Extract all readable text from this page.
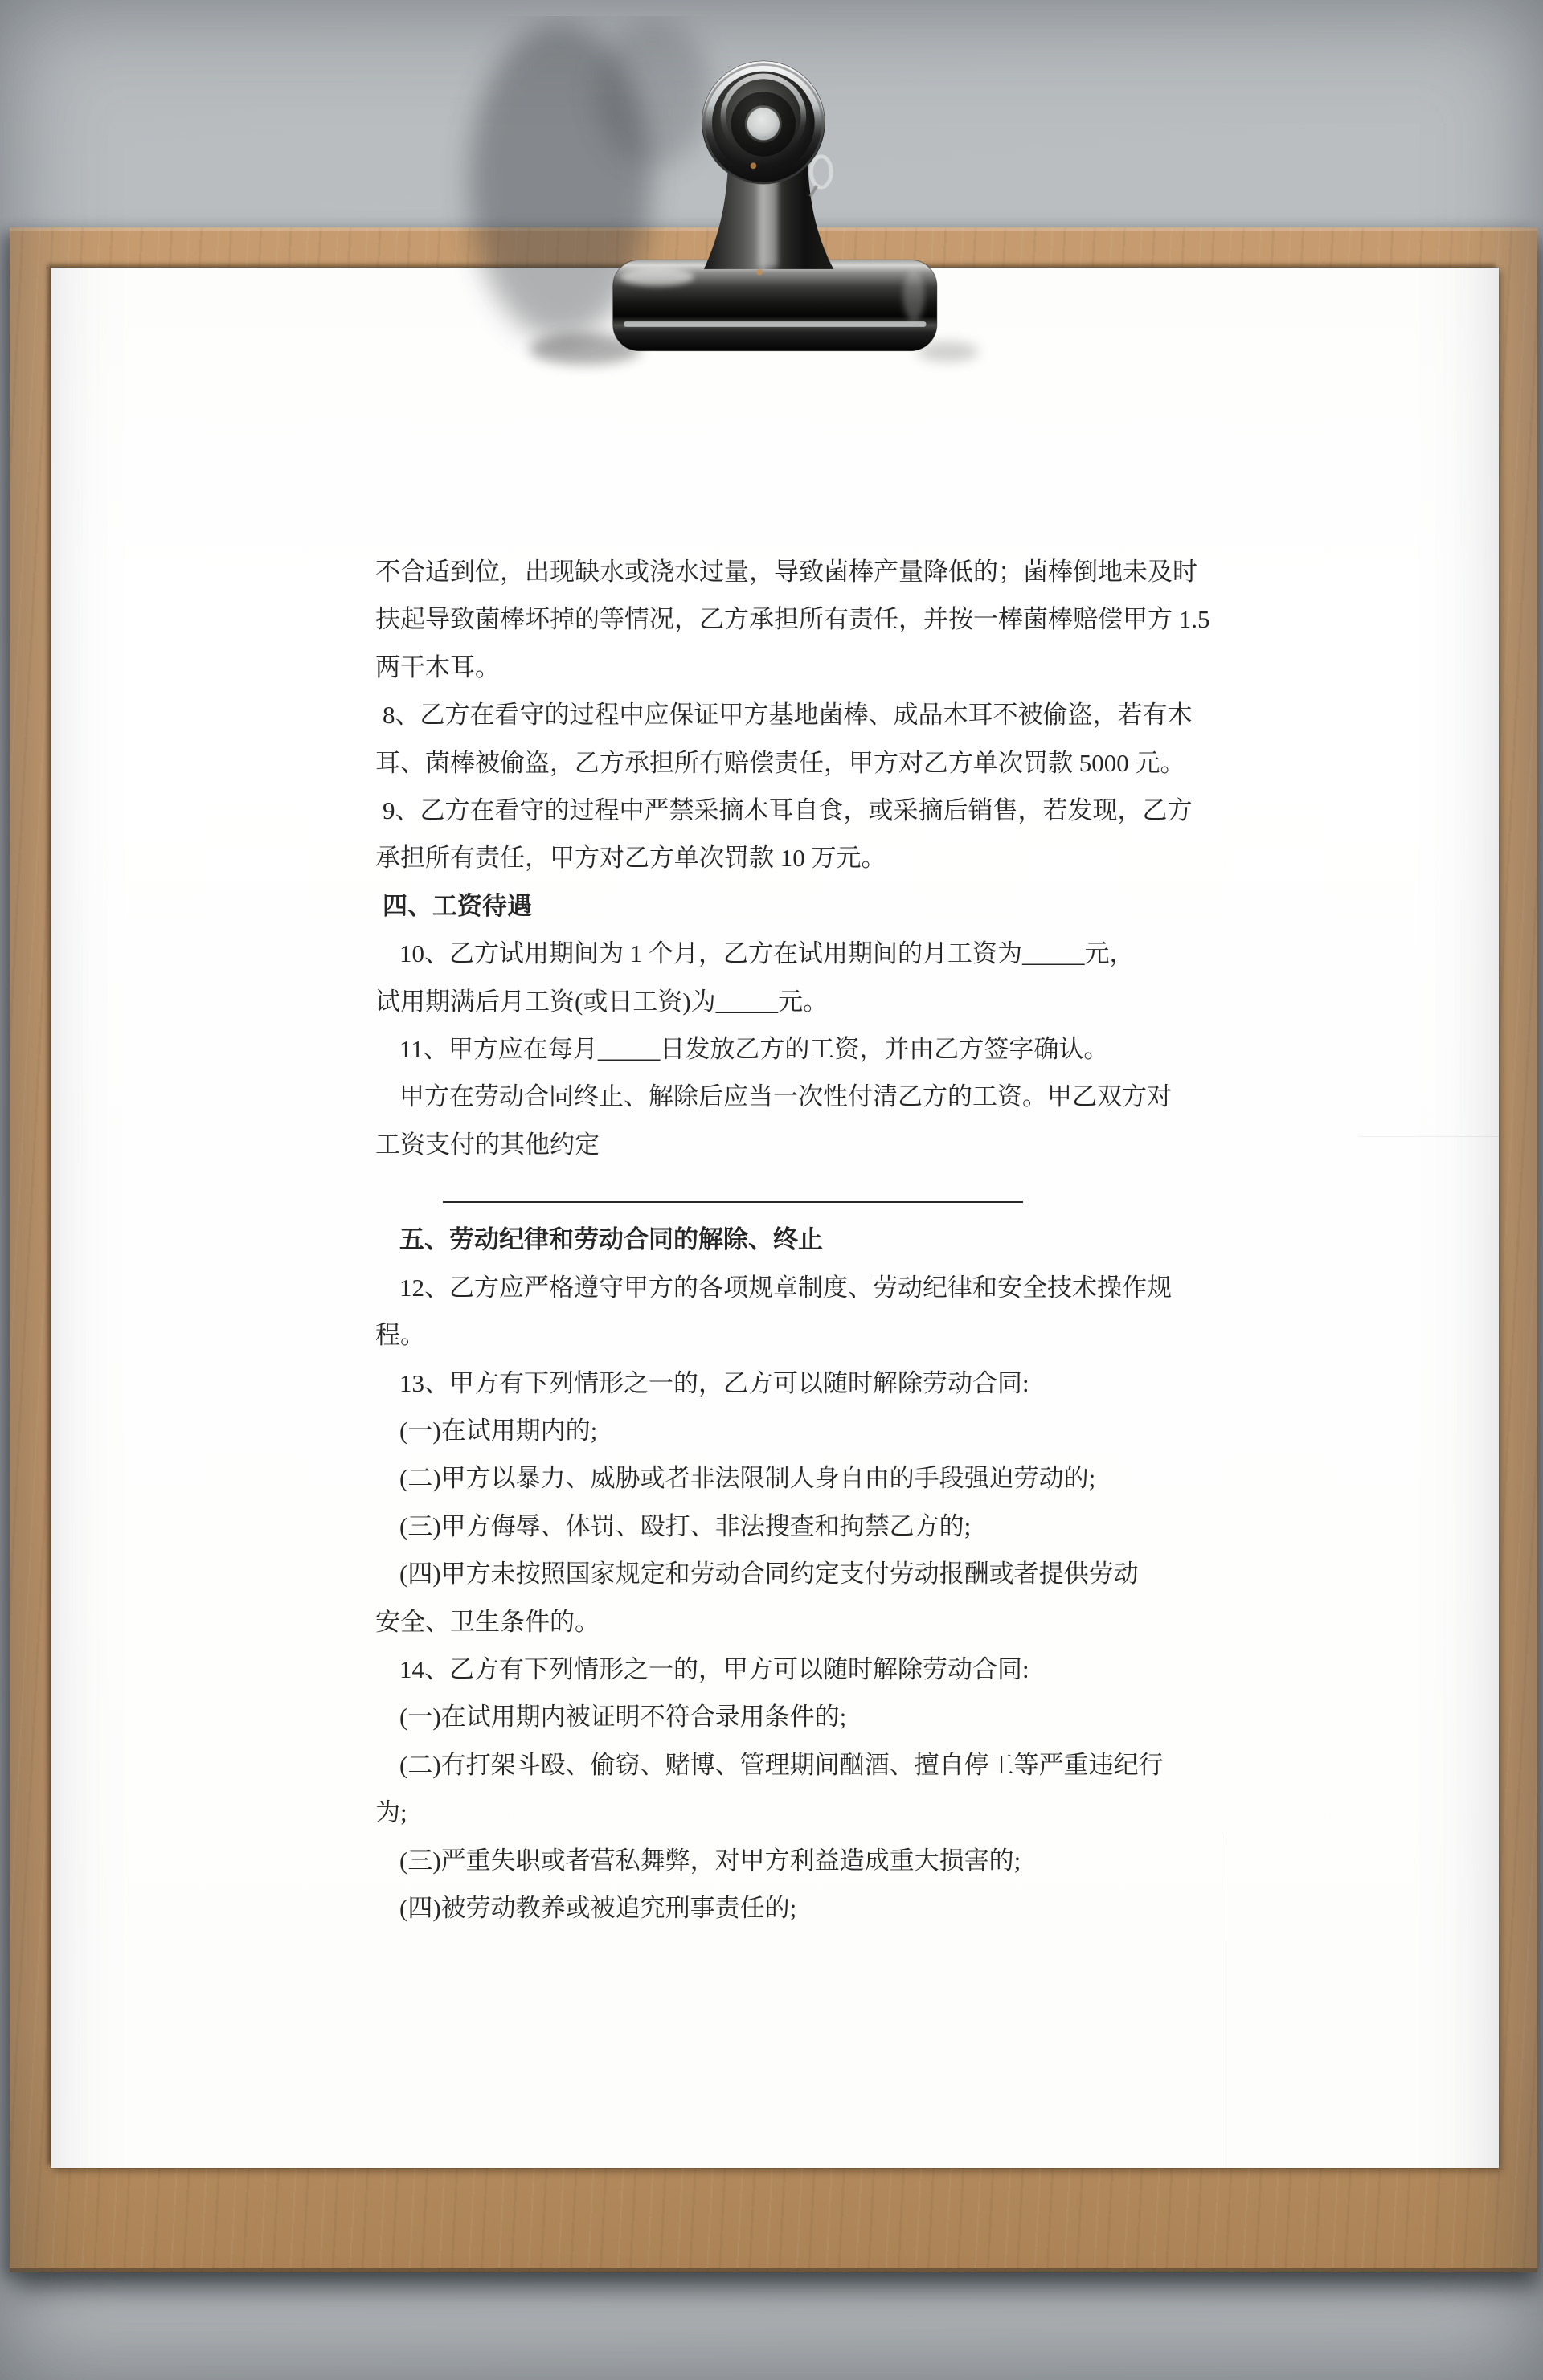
不合适到位，出现缺水或浇水过量，导致菌棒产量降低的；菌棒倒地未及时
扶起导致菌棒坏掉的等情况，乙方承担所有责任，并按一棒菌棒赔偿甲方 1.5
两干木耳。
8、乙方在看守的过程中应保证甲方基地菌棒、成品木耳不被偷盗，若有木
耳、菌棒被偷盗，乙方承担所有赔偿责任，甲方对乙方单次罚款 5000 元。
9、乙方在看守的过程中严禁采摘木耳自食，或采摘后销售，若发现，乙方
承担所有责任，甲方对乙方单次罚款 10 万元。
四、工资待遇
10、乙方试用期间为 1 个月，乙方在试用期间的月工资为_____元，
试用期满后月工资(或日工资)为_____元。
11、甲方应在每月_____日发放乙方的工资，并由乙方签字确认。
甲方在劳动合同终止、解除后应当一次性付清乙方的工资。甲乙双方对
工资支付的其他约定
五、劳动纪律和劳动合同的解除、终止
12、乙方应严格遵守甲方的各项规章制度、劳动纪律和安全技术操作规
程。
13、甲方有下列情形之一的，乙方可以随时解除劳动合同:
(一)在试用期内的;
(二)甲方以暴力、威胁或者非法限制人身自由的手段强迫劳动的;
(三)甲方侮辱、体罚、殴打、非法搜查和拘禁乙方的;
(四)甲方未按照国家规定和劳动合同约定支付劳动报酬或者提供劳动
安全、卫生条件的。
14、乙方有下列情形之一的，甲方可以随时解除劳动合同:
(一)在试用期内被证明不符合录用条件的;
(二)有打架斗殴、偷窃、赌博、管理期间酗酒、擅自停工等严重违纪行
为;
(三)严重失职或者营私舞弊，对甲方利益造成重大损害的;
(四)被劳动教养或被追究刑事责任的;
